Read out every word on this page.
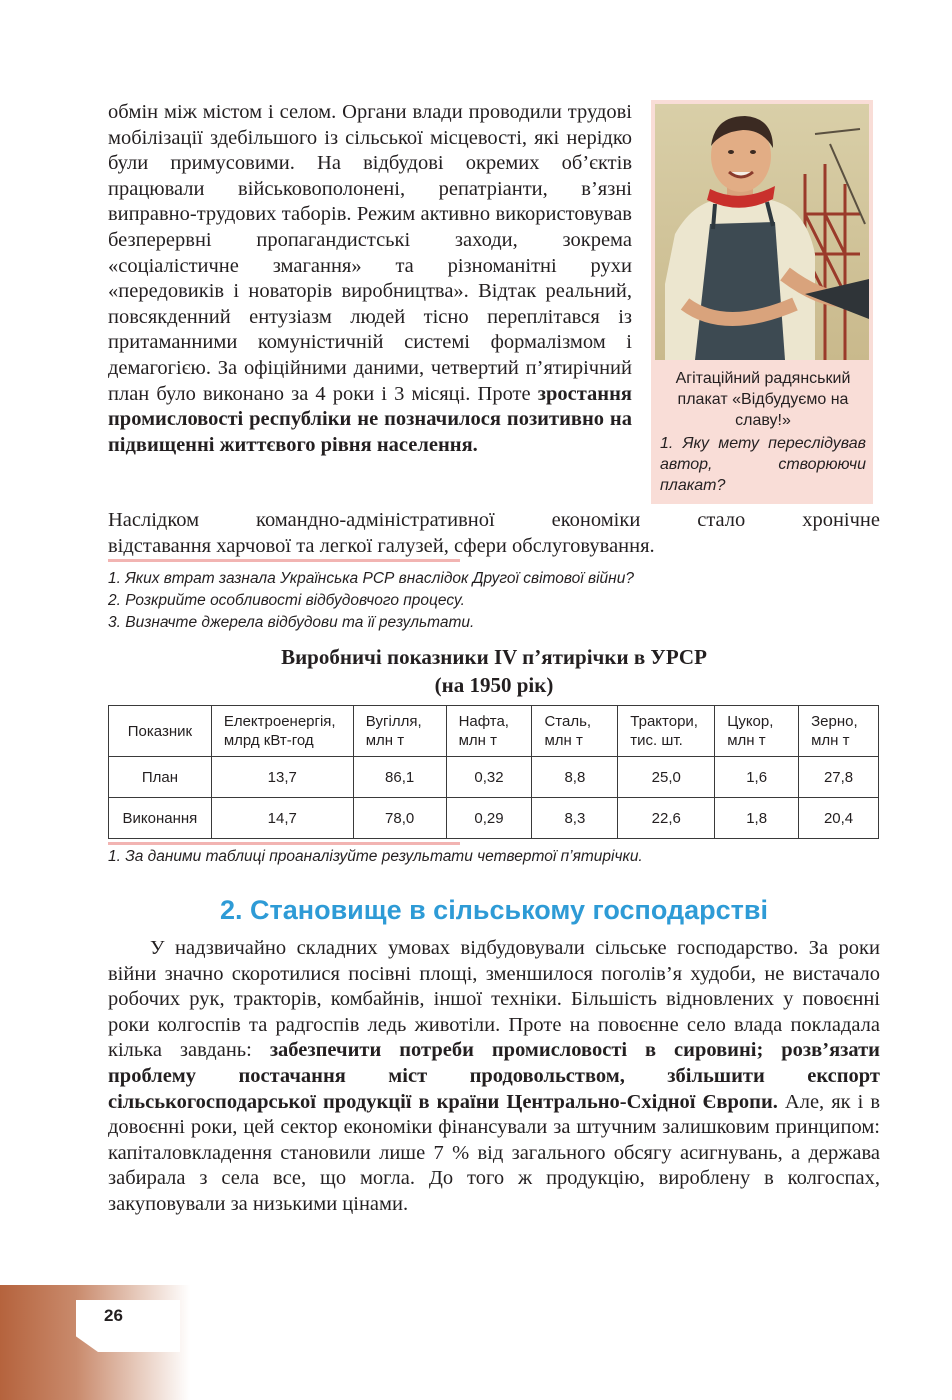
обмін між містом і селом. Органи влади проводили трудові мобілізації здебільшого із сільської місцевості, які нерідко були примусовими. На відбудові окремих об’єктів працювали військовополонені, репатріанти, в’язні виправно-трудових таборів. Режим активно використовував безперервні пропагандистські заходи, зокрема «соціалістичне змагання» та різноманітні рухи «передовиків і новаторів виробництва». Відтак реальний, повсякденний ентузіазм людей тісно переплітався із притаманними комуністичній системі формалізмом і демагогією. За офіційними даними, четвертий п’ятирічний план було виконано за 4 роки і 3 місяці. Проте зростання промисловості республіки не позначилося позитивно на підвищенні життєвого рівня населення.

Наслідком командно-адміністративної економіки стало хронічне

відставання харчової та легкої галузей, сфери обслуговування.

Агітаційний радянський плакат «Відбудуємо на славу!»
1. Яку мету переслідував автор, створюючи плакат?
1. Яких втрат зазнала Українська РСР внаслідок Другої світової війни?
2. Розкрийте особливості відбудовчого процесу.
3. Визначте джерела відбудови та її результати.
Виробничі показники IV п’ятирічки в УРСР
(на 1950 рік)
Показник	Електроенергія, млрд кВт-год	Вугілля, млн т	Нафта, млн т	Сталь, млн т	Трактори, тис. шт.	Цукор, млн т	Зерно, млн т
План	13,7	86,1	0,32	8,8	25,0	1,6	27,8
Виконання	14,7	78,0	0,29	8,3	22,6	1,8	20,4
1. За даними таблиці проаналізуйте результати четвертої п’ятирічки.
2. Становище в сільському господарстві

У надзвичайно складних умовах відбудовували сільське господарство. За роки війни значно скоротилися посівні площі, зменшилося поголів’я худоби, не вистачало робочих рук, тракторів, комбайнів, іншої техніки. Більшість відновлених у повоєнні роки колгоспів та радгоспів ледь животіли. Проте на повоєнне село влада покладала кілька завдань: забезпечити потреби промисловості в сировині; розв’язати проблему постачання міст продовольством, збільшити експорт сільськогосподарської продукції в країни Центрально-Східної Європи. Але, як і в довоєнні роки, цей сектор економіки фінансували за штучним залишковим принципом: капіталовкладення становили лише 7 % від загального обсягу асигнувань, а держава забирала з села все, що могла. До того ж продукцію, вироблену в колгоспах, закуповували за низькими цінами.

26
